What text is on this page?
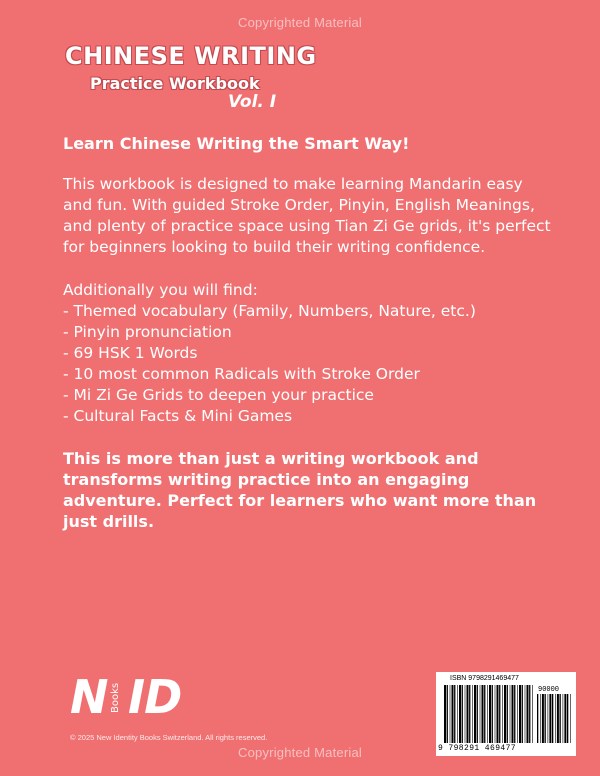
Copyrighted Material
CHINESE WRITING
Practice Workbook
Vol. I
Learn Chinese Writing the Smart Way!
This workbook is designed to make learning Mandarin easy and fun. With guided Stroke Order, Pinyin, English Meanings, and plenty of practice space using Tian Zi Ge grids, it's perfect for beginners looking to build their writing confidence.
Additionally you will find:
- Themed vocabulary (Family, Numbers, Nature, etc.)
- Pinyin pronunciation
- 69 HSK 1 Words
- 10 most common Radicals with Stroke Order
- Mi Zi Ge Grids to deepen your practice
- Cultural Facts & Mini Games
This is more than just a writing workbook and transforms writing practice into an engaging adventure. Perfect for learners who want more than just drills.
N Books ID
© 2025 New Identity Books Switzerland. All rights reserved.
ISBN 9798291469477
90000
9 798291 469477
Copyrighted Material
